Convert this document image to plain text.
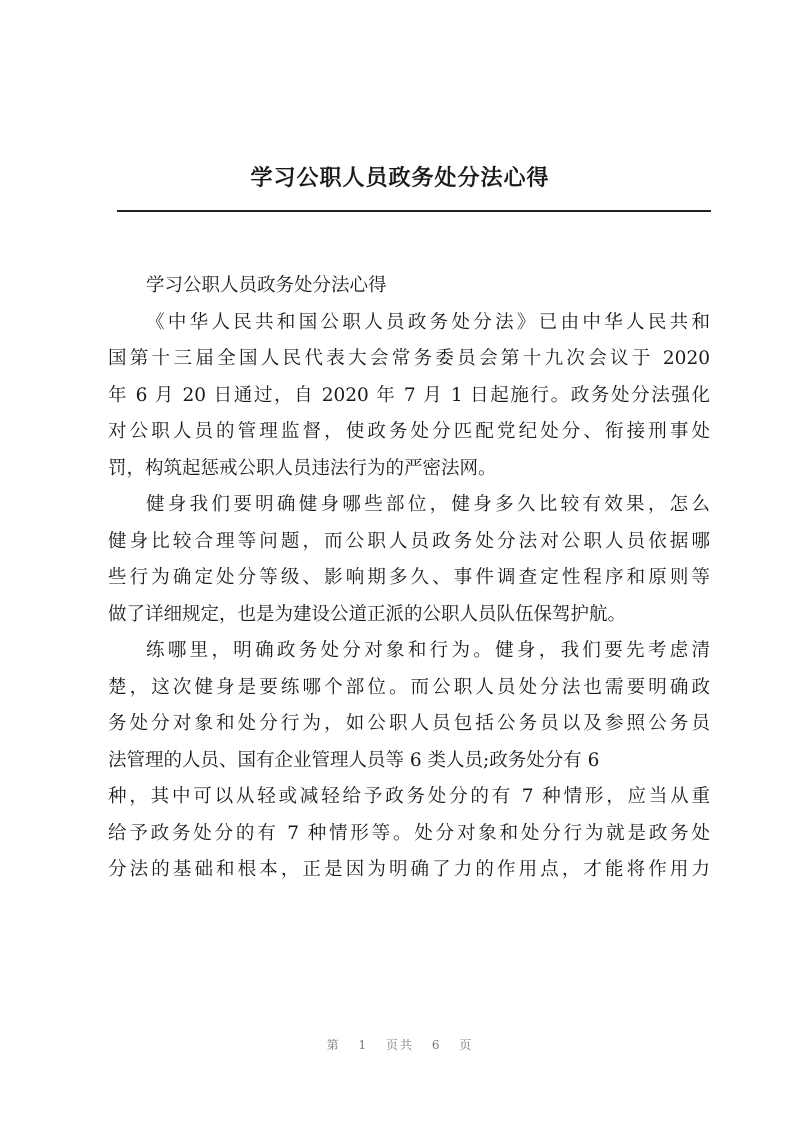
学习公职人员政务处分法心得
学习公职人员政务处分法心得
《中华人民共和国公职人员政务处分法》已由中华人民共和
国第十三届全国人民代表大会常务委员会第十九次会议于 2020
年 6 月 20 日通过，自 2020 年 7 月 1 日起施行。政务处分法强化
对公职人员的管理监督，使政务处分匹配党纪处分、衔接刑事处
罚，构筑起惩戒公职人员违法行为的严密法网。
健身我们要明确健身哪些部位，健身多久比较有效果，怎么
健身比较合理等问题，而公职人员政务处分法对公职人员依据哪
些行为确定处分等级、影响期多久、事件调查定性程序和原则等
做了详细规定，也是为建设公道正派的公职人员队伍保驾护航。
练哪里，明确政务处分对象和行为。健身，我们要先考虑清
楚，这次健身是要练哪个部位。而公职人员处分法也需要明确政
务处分对象和处分行为，如公职人员包括公务员以及参照公务员
法管理的人员、国有企业管理人员等 6 类人员;政务处分有 6
种，其中可以从轻或减轻给予政务处分的有 7 种情形，应当从重
给予政务处分的有 7 种情形等。处分对象和处分行为就是政务处
分法的基础和根本，正是因为明确了力的作用点，才能将作用力
第 1 页共 6 页
